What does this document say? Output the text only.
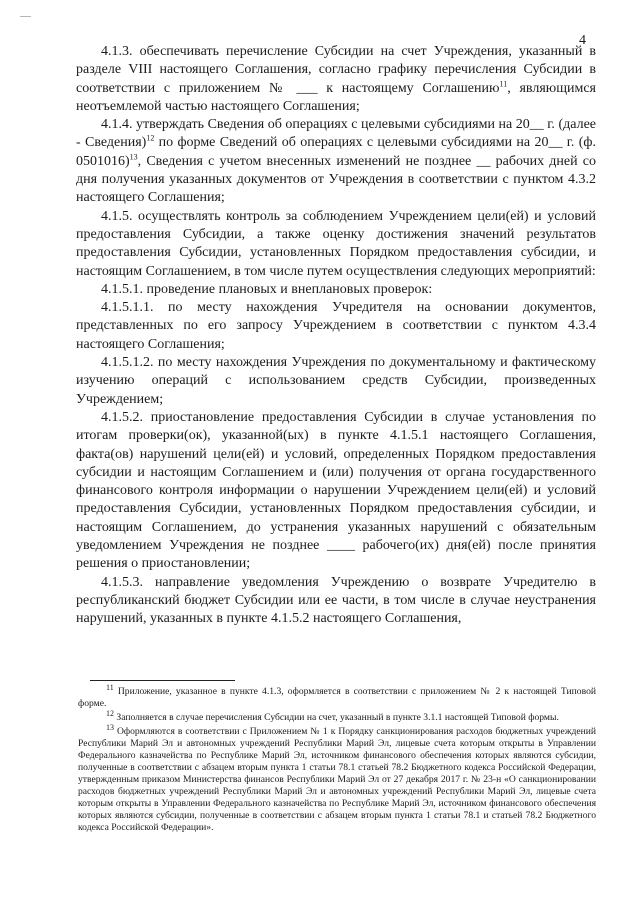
—
4

4.1.3. обеспечивать перечисление Субсидии на счет Учреждения, указанный в разделе VIII настоящего Соглашения, согласно графику перечисления Субсидии в соответствии с приложением № ___ к настоящему Соглашению$^{11}$, являющимся неотъемлемой частью настоящего Соглашения;

4.1.4. утверждать Сведения об операциях с целевыми субсидиями на 20__ г. (далее - Сведения)$^{12}$ по форме Сведений об операциях с целевыми субсидиями на 20__ г. (ф. 0501016)$^{13}$, Сведения с учетом внесенных изменений не позднее __ рабочих дней со дня получения указанных документов от Учреждения в соответствии с пунктом 4.3.2 настоящего Соглашения;

4.1.5. осуществлять контроль за соблюдением Учреждением цели(ей) и условий предоставления Субсидии, а также оценку достижения значений результатов предоставления Субсидии, установленных Порядком предоставления субсидии, и настоящим Соглашением, в том числе путем осуществления следующих мероприятий:

4.1.5.1. проведение плановых и внеплановых проверок:

4.1.5.1.1. по месту нахождения Учредителя на основании документов, представленных по его запросу Учреждением в соответствии с пунктом 4.3.4 настоящего Соглашения;

4.1.5.1.2. по месту нахождения Учреждения по документальному и фактическому изучению операций с использованием средств Субсидии, произведенных Учреждением;

4.1.5.2. приостановление предоставления Субсидии в случае установления по итогам проверки(ок), указанной(ых) в пункте 4.1.5.1 настоящего Соглашения, факта(ов) нарушений цели(ей) и условий, определенных Порядком предоставления субсидии и настоящим Соглашением и (или) получения от органа государственного финансового контроля информации о нарушении Учреждением цели(ей) и условий предоставления Субсидии, установленных Порядком предоставления субсидии, и настоящим Соглашением, до устранения указанных нарушений с обязательным уведомлением Учреждения не позднее ____ рабочего(их) дня(ей) после принятия решения о приостановлении;

4.1.5.3. направление уведомления Учреждению о возврате Учредителю в республиканский бюджет Субсидии или ее части, в том числе в случае неустранения нарушений, указанных в пункте 4.1.5.2 настоящего Соглашения,

$^{11}$ Приложение, указанное в пункте 4.1.3, оформляется в соответствии с приложением № 2 к настоящей Типовой форме.

$^{12}$ Заполняется в случае перечисления Субсидии на счет, указанный в пункте 3.1.1 настоящей Типовой формы.

$^{13}$ Оформляются в соответствии с Приложением № 1 к Порядку санкционирования расходов бюджетных учреждений Республики Марий Эл и автономных учреждений Республики Марий Эл, лицевые счета которым открыты в Управлении Федерального казначейства по Республике Марий Эл, источником финансового обеспечения которых являются субсидии, полученные в соответствии с абзацем вторым пункта 1 статьи 78.1 статьей 78.2 Бюджетного кодекса Российской Федерации, утвержденным приказом Министерства финансов Республики Марий Эл от 27 декабря 2017 г. № 23-н «О санкционировании расходов бюджетных учреждений Республики Марий Эл и автономных учреждений Республики Марий Эл, лицевые счета которым открыты в Управлении Федерального казначейства по Республике Марий Эл, источником финансового обеспечения которых являются субсидии, полученные в соответствии с абзацем вторым пункта 1 статьи 78.1 и статьей 78.2 Бюджетного кодекса Российской Федерации».
